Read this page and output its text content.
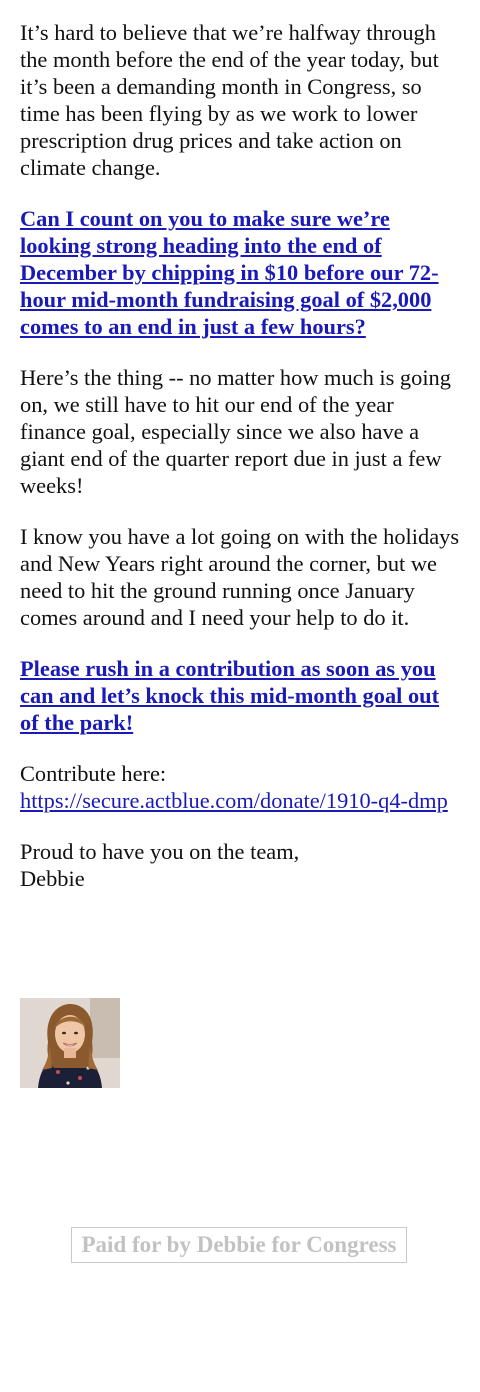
It’s hard to believe that we’re halfway through the month before the end of the year today, but it’s been a demanding month in Congress, so time has been flying by as we work to lower prescription drug prices and take action on climate change.

Can I count on you to make sure we’re looking strong heading into the end of December by chipping in $10 before our 72-hour mid-month fundraising goal of $2,000 comes to an end in just a few hours?

Here’s the thing -- no matter how much is going on, we still have to hit our end of the year finance goal, especially since we also have a giant end of the quarter report due in just a few weeks!

I know you have a lot going on with the holidays and New Years right around the corner, but we need to hit the ground running once January comes around and I need your help to do it.

Please rush in a contribution as soon as you can and let’s knock this mid-month goal out of the park!

Contribute here:
https://secure.actblue.com/donate/1910-q4-dmp

Proud to have you on the team,
Debbie

Paid for by Debbie for Congress
